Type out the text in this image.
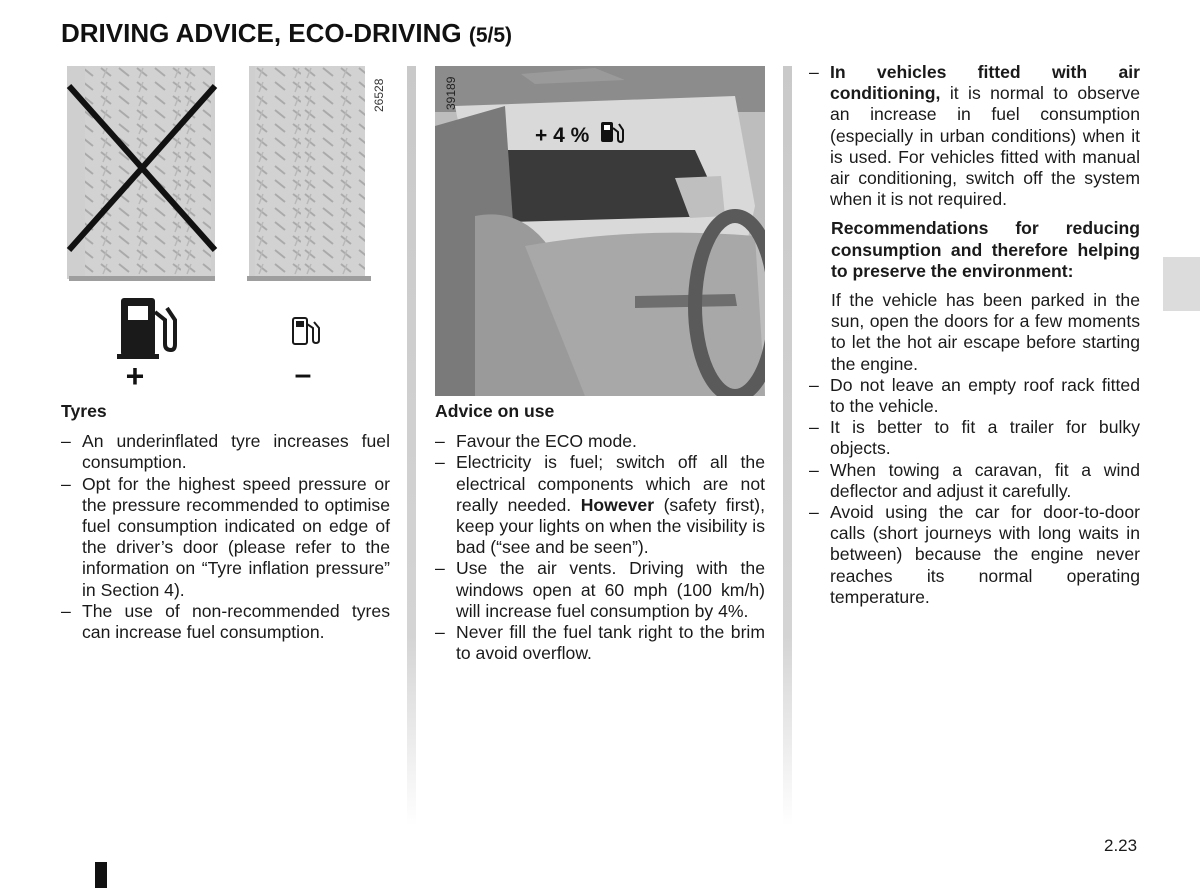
DRIVING ADVICE, ECO-DRIVING (5/5)
26528
+	–
Tyres
– An underinflated tyre increases fuel consumption.
– Opt for the highest speed pressure or the pressure recommended to optimise fuel consumption indicated on edge of the driver’s door (please refer to the information on “Tyre inflation pressure” in Section 4).
– The use of non-recommended tyres can increase fuel consumption.
39189
+ 4 %
Advice on use
– Favour the ECO mode.
– Electricity is fuel; switch off all the electrical components which are not really needed. However (safety first), keep your lights on when the visibility is bad (“see and be seen”).
– Use the air vents. Driving with the windows open at 60 mph (100 km/h) will increase fuel consumption by 4%.
– Never fill the fuel tank right to the brim to avoid overflow.
– In vehicles fitted with air conditioning, it is normal to observe an increase in fuel consumption (especially in urban conditions) when it is used. For vehicles fitted with manual air conditioning, switch off the system when it is not required.
Recommendations for reducing consumption and therefore helping to preserve the environment:
If the vehicle has been parked in the sun, open the doors for a few moments to let the hot air escape before starting the engine.
– Do not leave an empty roof rack fitted to the vehicle.
– It is better to fit a trailer for bulky objects.
– When towing a caravan, fit a wind deflector and adjust it carefully.
– Avoid using the car for door-to-door calls (short journeys with long waits in between) because the engine never reaches its normal operating temperature.
2.23
